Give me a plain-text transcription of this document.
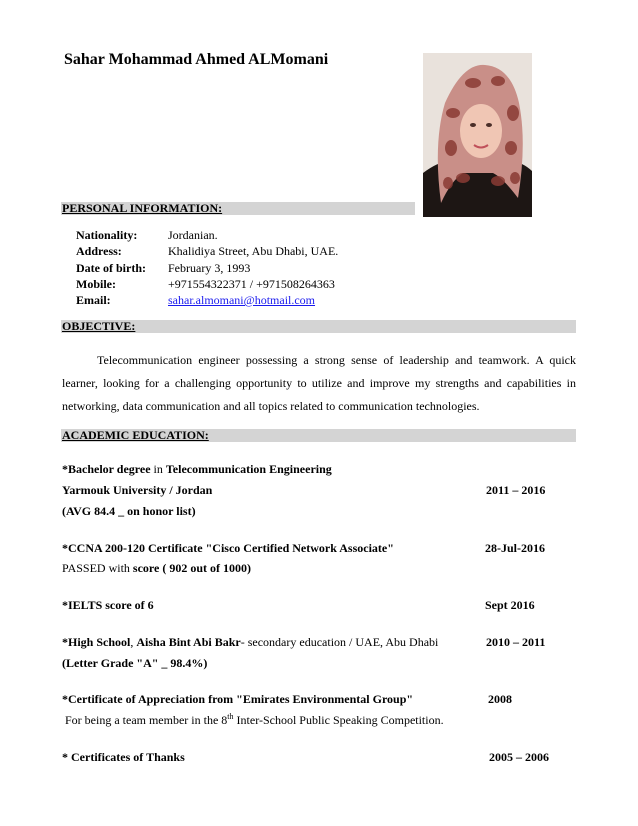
Sahar Mohammad Ahmed ALMomani
PERSONAL INFORMATION:
Nationality:	Jordanian.
Address:	Khalidiya Street, Abu Dhabi, UAE.
Date of birth: February 3, 1993
Mobile:	+971554322371 / +971508264363
Email:	sahar.almomani@hotmail.com
OBJECTIVE:
Telecommunication engineer possessing a strong sense of leadership and teamwork. A quick learner, looking for a challenging opportunity to utilize and improve my strengths and capabilities in networking, data communication and all topics related to communication technologies.
ACADEMIC EDUCATION:
*Bachelor degree in Telecommunication Engineering
Yarmouk University / Jordan	2011 – 2016
(AVG 84.4 _ on honor list)
*CCNA 200-120 Certificate "Cisco Certified Network Associate"	28-Jul-2016
PASSED with score ( 902 out of 1000)
*IELTS score of 6	Sept 2016
*High School, Aisha Bint Abi Bakr- secondary education / UAE, Abu Dhabi	2010 – 2011
(Letter Grade "A" _ 98.4%)
*Certificate of Appreciation from "Emirates Environmental Group"	2008
For being a team member in the 8th Inter-School Public Speaking Competition.
* Certificates of Thanks	2005 – 2006
